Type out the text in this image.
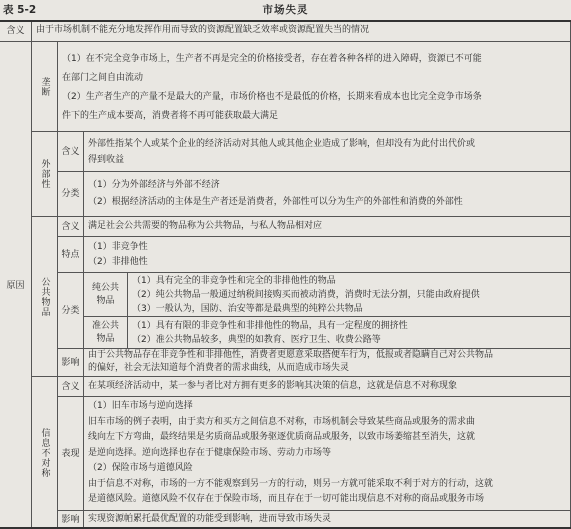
表 5-2	市场失灵
含义	由于市场机制不能充分地发挥作用而导致的资源配置缺乏效率或资源配置失当的情况
原因
垄断
（1）在不完全竞争市场上，生产者不再是完全的价格接受者，存在着各种各样的进入障碍，资源已不可能
在部门之间自由流动
（2）生产者生产的产量不是最大的产量，市场价格也不是最低的价格，长期来看成本也比完全竞争市场条
件下的生产成本要高，消费者将不再可能获取最大满足
外部性
含义
外部性指某个人或某个企业的经济活动对其他人或其他企业造成了影响，但却没有为此付出代价或
得到收益
分类
（1）分为外部经济与外部不经济
（2）根据经济活动的主体是生产者还是消费者，外部性可以分为生产的外部性和消费的外部性
公共物品
含义 满足社会公共需要的物品称为公共物品，与私人物品相对应
特点
（1）非竞争性
（2）非排他性
分类
纯公共物品
（1）具有完全的非竞争性和完全的非排他性的物品
（2）纯公共物品一般通过纳税间接购买而被动消费，消费时无法分割，只能由政府提供
（3）一般认为，国防、治安等都是最典型的纯粹公共物品
准公共物品
（1）具有有限的非竞争性和非排他性的物品，具有一定程度的拥挤性
（2）准公共物品较多，典型的如教育、医疗卫生、收费公路等
影响
由于公共物品存在非竞争性和非排他性，消费者更愿意采取搭便车行为，低报或者隐瞒自己对公共物品
的偏好，社会无法知道每个消费者的需求曲线，从而造成市场失灵
信息不对称
含义 在某项经济活动中，某一参与者比对方拥有更多的影响其决策的信息，这就是信息不对称现象
表现
（1）旧车市场与逆向选择
旧车市场的例子表明，由于卖方和买方之间信息不对称，市场机制会导致某些商品或服务的需求曲
线向左下方弯曲，最终结果是劣质商品或服务驱逐优质商品或服务，以致市场萎缩甚至消失，这就
是逆向选择。逆向选择也存在于健康保险市场、劳动力市场等
（2）保险市场与道德风险
由于信息不对称，市场的一方不能观察到另一方的行动，则另一方就可能采取不利于对方的行动，这就
是道德风险。道德风险不仅存在于保险市场，而且存在于一切可能出现信息不对称的商品或服务市场
影响 实现资源帕累托最优配置的功能受到影响，进而导致市场失灵
